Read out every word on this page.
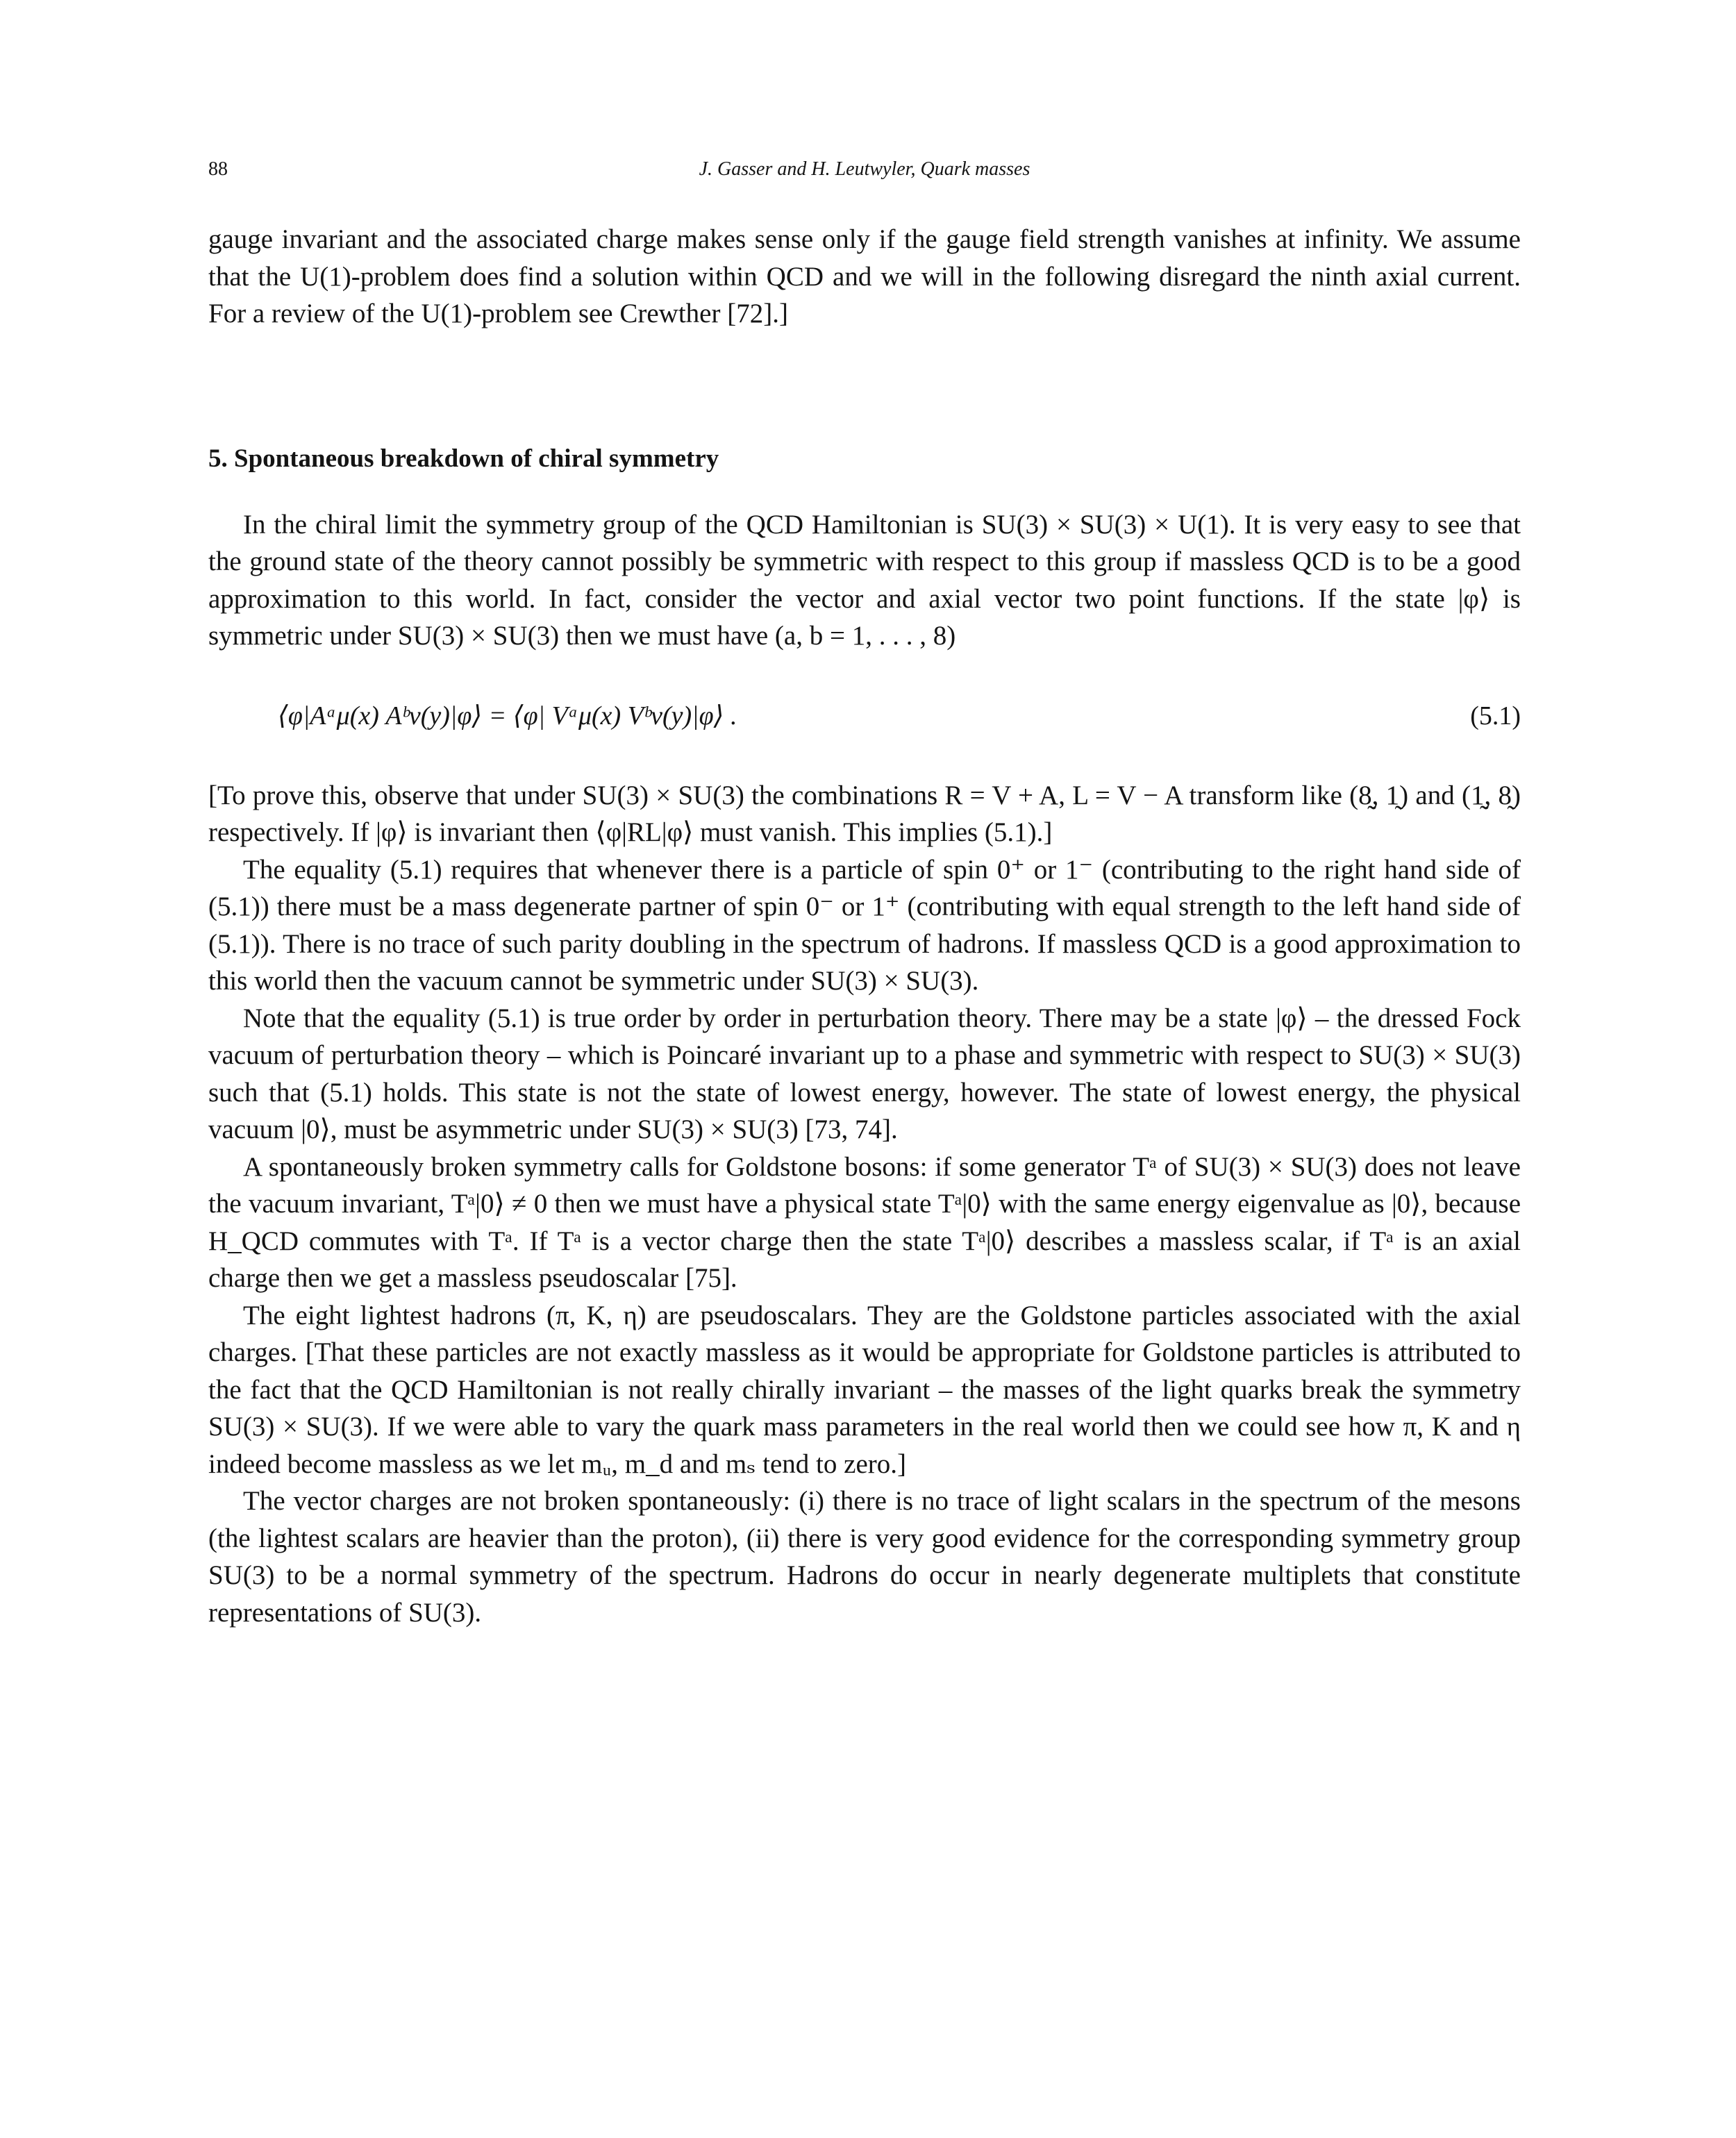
88	J. Gasser and H. Leutwyler, Quark masses

gauge invariant and the associated charge makes sense only if the gauge field strength vanishes at infinity. We assume that the U(1)-problem does find a solution within QCD and we will in the following disregard the ninth axial current. For a review of the U(1)-problem see Crewther [72].]

5. Spontaneous breakdown of chiral symmetry

In the chiral limit the symmetry group of the QCD Hamiltonian is SU(3) × SU(3) × U(1). It is very easy to see that the ground state of the theory cannot possibly be symmetric with respect to this group if massless QCD is to be a good approximation to this world. In fact, consider the vector and axial vector two point functions. If the state |φ⟩ is symmetric under SU(3) × SU(3) then we must have (a, b = 1, . . . , 8)

⟨φ|Aᵃμ(x) Aᵇν(y)|φ⟩ = ⟨φ| Vᵃμ(x) Vᵇν(y)|φ⟩ .	(5.1)

[To prove this, observe that under SU(3) × SU(3) the combinations R = V + A, L = V − A transform like (8̰, 1̰) and (1̰, 8̰) respectively. If |φ⟩ is invariant then ⟨φ|RL|φ⟩ must vanish. This implies (5.1).]

The equality (5.1) requires that whenever there is a particle of spin 0⁺ or 1⁻ (contributing to the right hand side of (5.1)) there must be a mass degenerate partner of spin 0⁻ or 1⁺ (contributing with equal strength to the left hand side of (5.1)). There is no trace of such parity doubling in the spectrum of hadrons. If massless QCD is a good approximation to this world then the vacuum cannot be symmetric under SU(3) × SU(3).

Note that the equality (5.1) is true order by order in perturbation theory. There may be a state |φ⟩ – the dressed Fock vacuum of perturbation theory – which is Poincaré invariant up to a phase and symmetric with respect to SU(3) × SU(3) such that (5.1) holds. This state is not the state of lowest energy, however. The state of lowest energy, the physical vacuum |0⟩, must be asymmetric under SU(3) × SU(3) [73, 74].

A spontaneously broken symmetry calls for Goldstone bosons: if some generator Tᵃ of SU(3) × SU(3) does not leave the vacuum invariant, Tᵃ|0⟩ ≠ 0 then we must have a physical state Tᵃ|0⟩ with the same energy eigenvalue as |0⟩, because H_QCD commutes with Tᵃ. If Tᵃ is a vector charge then the state Tᵃ|0⟩ describes a massless scalar, if Tᵃ is an axial charge then we get a massless pseudoscalar [75].

The eight lightest hadrons (π, K, η) are pseudoscalars. They are the Goldstone particles associated with the axial charges. [That these particles are not exactly massless as it would be appropriate for Goldstone particles is attributed to the fact that the QCD Hamiltonian is not really chirally invariant – the masses of the light quarks break the symmetry SU(3) × SU(3). If we were able to vary the quark mass parameters in the real world then we could see how π, K and η indeed become massless as we let mᵤ, m_d and mₛ tend to zero.]

The vector charges are not broken spontaneously: (i) there is no trace of light scalars in the spectrum of the mesons (the lightest scalars are heavier than the proton), (ii) there is very good evidence for the corresponding symmetry group SU(3) to be a normal symmetry of the spectrum. Hadrons do occur in nearly degenerate multiplets that constitute representations of SU(3).
